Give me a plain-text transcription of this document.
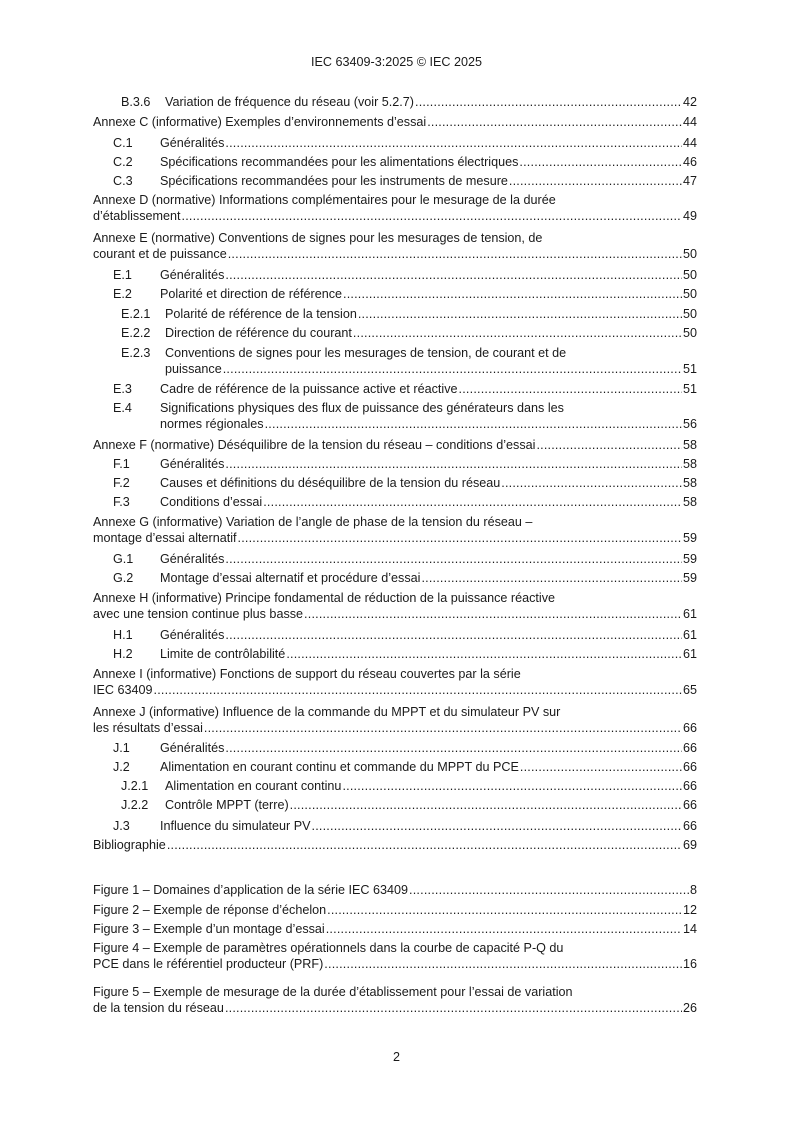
IEC 63409-3:2025 © IEC 2025
B.3.6 Variation de fréquence du réseau (voir 5.2.7) .....	42
Annexe C (informative) Exemples d’environnements d’essai .....	44
C.1 Généralités .....	44
C.2 Spécifications recommandées pour les alimentations électriques .....	46
C.3 Spécifications recommandées pour les instruments de mesure .....	47
Annexe D (normative) Informations complémentaires pour le mesurage de la durée
d’établissement .....	49
Annexe E (normative) Conventions de signes pour les mesurages de tension, de
courant et de puissance .....	50
E.1 Généralités .....	50
E.2 Polarité et direction de référence .....	50
E.2.1 Polarité de référence de la tension .....	50
E.2.2 Direction de référence du courant .....	50
E.2.3 Conventions de signes pour les mesurages de tension, de courant et de
puissance .....	51
E.3 Cadre de référence de la puissance active et réactive .....	51
E.4 Significations physiques des flux de puissance des générateurs dans les
normes régionales .....	56
Annexe F (normative) Déséquilibre de la tension du réseau – conditions d’essai .....	58
F.1 Généralités .....	58
F.2 Causes et définitions du déséquilibre de la tension du réseau .....	58
F.3 Conditions d’essai .....	58
Annexe G (informative) Variation de l’angle de phase de la tension du réseau –
montage d’essai alternatif .....	59
G.1 Généralités .....	59
G.2 Montage d’essai alternatif et procédure d’essai .....	59
Annexe H (informative) Principe fondamental de réduction de la puissance réactive
avec une tension continue plus basse .....	61
H.1 Généralités .....	61
H.2 Limite de contrôlabilité .....	61
Annexe I (informative) Fonctions de support du réseau couvertes par la série
IEC 63409 .....	65
Annexe J (informative) Influence de la commande du MPPT et du simulateur PV sur
les résultats d’essai .....	66
J.1 Généralités .....	66
J.2 Alimentation en courant continu et commande du MPPT du PCE .....	66
J.2.1 Alimentation en courant continu .....	66
J.2.2 Contrôle MPPT (terre) .....	66
J.3 Influence du simulateur PV .....	66
Bibliographie .....	69
Figure 1 – Domaines d’application de la série IEC 63409 .....	8
Figure 2 – Exemple de réponse d’échelon .....	12
Figure 3 – Exemple d’un montage d’essai .....	14
Figure 4 – Exemple de paramètres opérationnels dans la courbe de capacité P-Q du
PCE dans le référentiel producteur (PRF) .....	16
Figure 5 – Exemple de mesurage de la durée d’établissement pour l’essai de variation
de la tension du réseau .....	26
2
